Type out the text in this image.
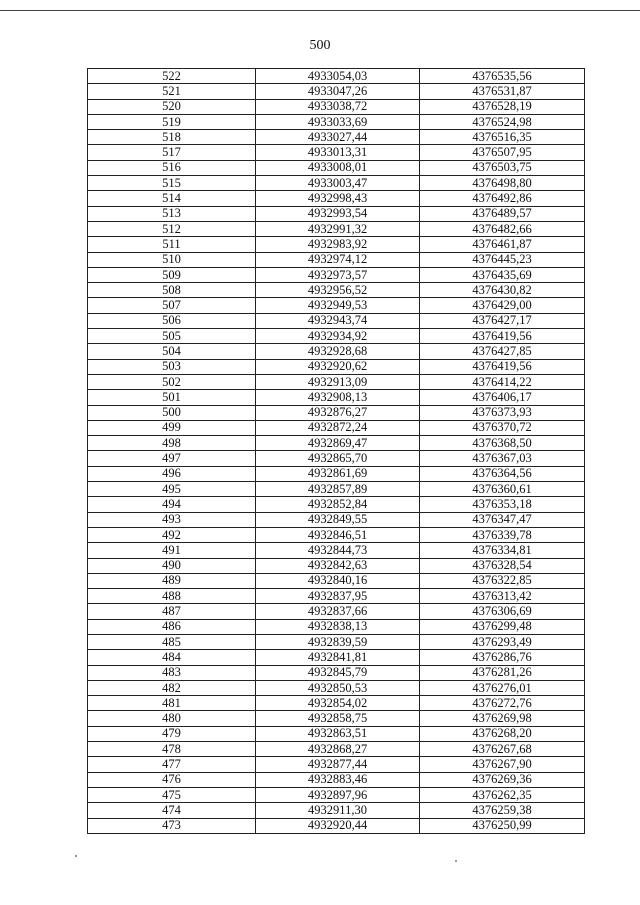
500
522	4933054,03	4376535,56
521	4933047,26	4376531,87
520	4933038,72	4376528,19
519	4933033,69	4376524,98
518	4933027,44	4376516,35
517	4933013,31	4376507,95
516	4933008,01	4376503,75
515	4933003,47	4376498,80
514	4932998,43	4376492,86
513	4932993,54	4376489,57
512	4932991,32	4376482,66
511	4932983,92	4376461,87
510	4932974,12	4376445,23
509	4932973,57	4376435,69
508	4932956,52	4376430,82
507	4932949,53	4376429,00
506	4932943,74	4376427,17
505	4932934,92	4376419,56
504	4932928,68	4376427,85
503	4932920,62	4376419,56
502	4932913,09	4376414,22
501	4932908,13	4376406,17
500	4932876,27	4376373,93
499	4932872,24	4376370,72
498	4932869,47	4376368,50
497	4932865,70	4376367,03
496	4932861,69	4376364,56
495	4932857,89	4376360,61
494	4932852,84	4376353,18
493	4932849,55	4376347,47
492	4932846,51	4376339,78
491	4932844,73	4376334,81
490	4932842,63	4376328,54
489	4932840,16	4376322,85
488	4932837,95	4376313,42
487	4932837,66	4376306,69
486	4932838,13	4376299,48
485	4932839,59	4376293,49
484	4932841,81	4376286,76
483	4932845,79	4376281,26
482	4932850,53	4376276,01
481	4932854,02	4376272,76
480	4932858,75	4376269,98
479	4932863,51	4376268,20
478	4932868,27	4376267,68
477	4932877,44	4376267,90
476	4932883,46	4376269,36
475	4932897,96	4376262,35
474	4932911,30	4376259,38
473	4932920,44	4376250,99
